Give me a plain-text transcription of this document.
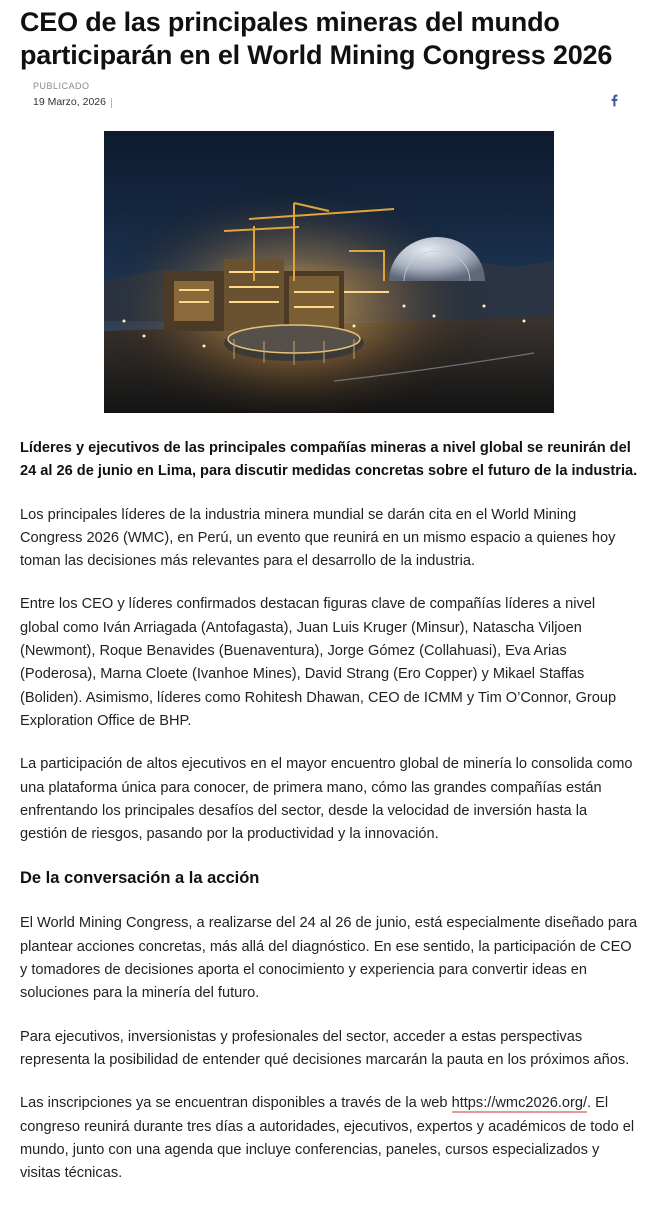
CEO de las principales mineras del mundo participarán en el World Mining Congress 2026
PUBLICADO
19 Marzo, 2026

Líderes y ejecutivos de las principales compañías mineras a nivel global se reunirán del 24 al 26 de junio en Lima, para discutir medidas concretas sobre el futuro de la industria.

Los principales líderes de la industria minera mundial se darán cita en el World Mining Congress 2026 (WMC), en Perú, un evento que reunirá en un mismo espacio a quienes hoy toman las decisiones más relevantes para el desarrollo de la industria.

Entre los CEO y líderes confirmados destacan figuras clave de compañías líderes a nivel global como Iván Arriagada (Antofagasta), Juan Luis Kruger (Minsur), Natascha Viljoen (Newmont), Roque Benavides (Buenaventura), Jorge Gómez (Collahuasi), Eva Arias (Poderosa), Marna Cloete (Ivanhoe Mines), David Strang (Ero Copper) y Mikael Staffas (Boliden). Asimismo, líderes como Rohitesh Dhawan, CEO de ICMM y Tim O’Connor, Group Exploration Office de BHP.

La participación de altos ejecutivos en el mayor encuentro global de minería lo consolida como una plataforma única para conocer, de primera mano, cómo las grandes compañías están enfrentando los principales desafíos del sector, desde la velocidad de inversión hasta la gestión de riesgos, pasando por la productividad y la innovación.

De la conversación a la acción

El World Mining Congress, a realizarse del 24 al 26 de junio, está especialmente diseñado para plantear acciones concretas, más allá del diagnóstico. En ese sentido, la participación de CEO y tomadores de decisiones aporta el conocimiento y experiencia para convertir ideas en soluciones para la minería del futuro.

Para ejecutivos, inversionistas y profesionales del sector, acceder a estas perspectivas representa la posibilidad de entender qué decisiones marcarán la pauta en los próximos años.

Las inscripciones ya se encuentran disponibles a través de la web https://wmc2026.org/. El congreso reunirá durante tres días a autoridades, ejecutivos, expertos y académicos de todo el mundo, junto con una agenda que incluye conferencias, paneles, cursos especializados y visitas técnicas.
